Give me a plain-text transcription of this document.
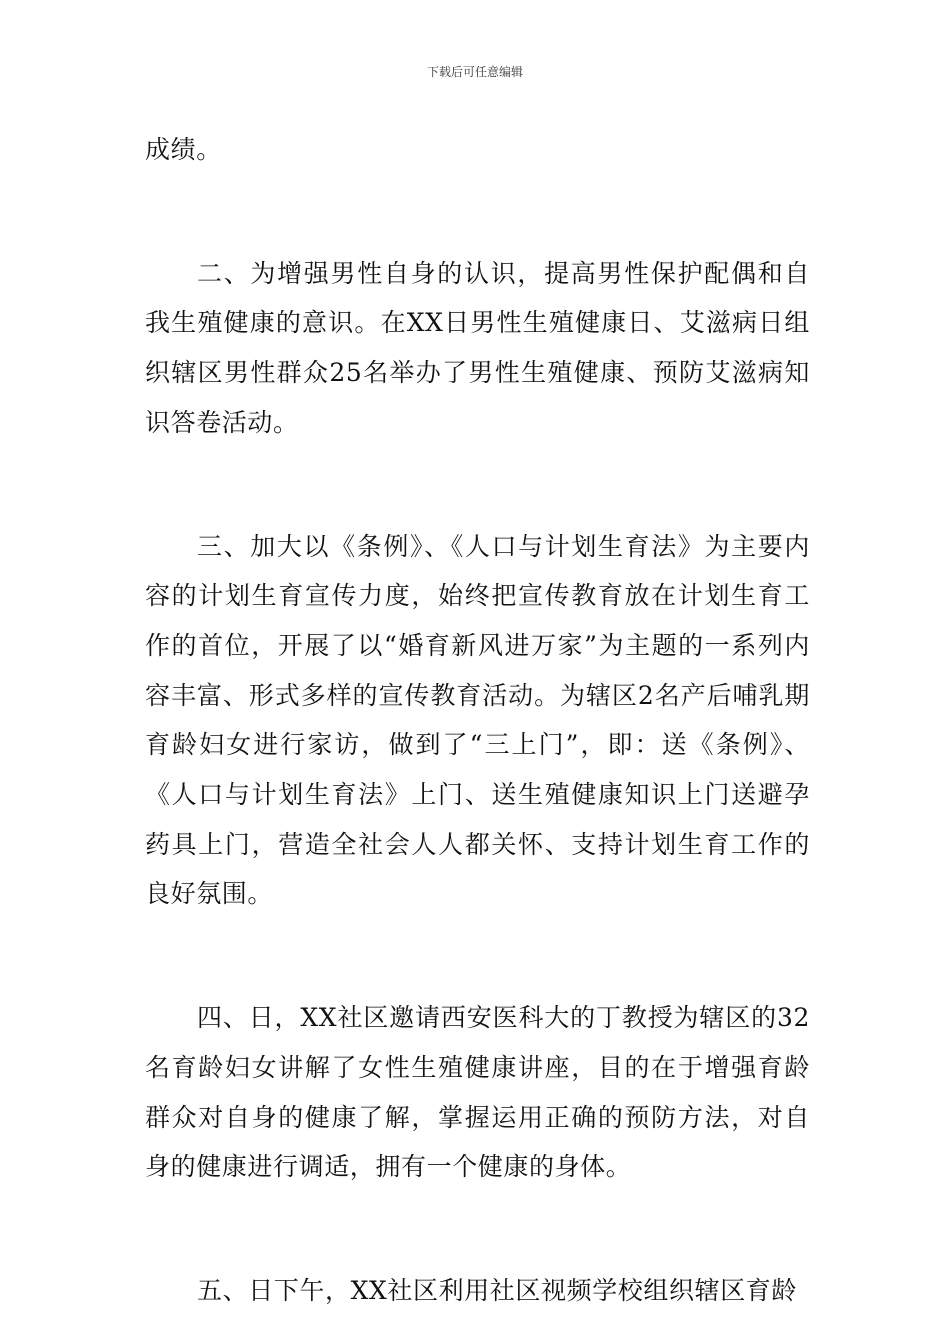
下载后可任意编辑

成绩。

二、为增强男性自身的认识，提高男性保护配偶和自我生殖健康的意识。在XX日男性生殖健康日、艾滋病日组织辖区男性群众25名举办了男性生殖健康、预防艾滋病知识答卷活动。

三、加大以《条例》、《人口与计划生育法》为主要内容的计划生育宣传力度，始终把宣传教育放在计划生育工作的首位，开展了以“婚育新风进万家”为主题的一系列内容丰富、形式多样的宣传教育活动。为辖区2名产后哺乳期育龄妇女进行家访，做到了“三上门”，即：送《条例》、《人口与计划生育法》上门、送生殖健康知识上门送避孕药具上门，营造全社会人人都关怀、支持计划生育工作的良好氛围。

四、日，XX社区邀请西安医科大的丁教授为辖区的32名育龄妇女讲解了女性生殖健康讲座，目的在于增强育龄群众对自身的健康了解，掌握运用正确的预防方法，对自身的健康进行调适，拥有一个健康的身体。

五、日下午，XX社区利用社区视频学校组织辖区育龄
